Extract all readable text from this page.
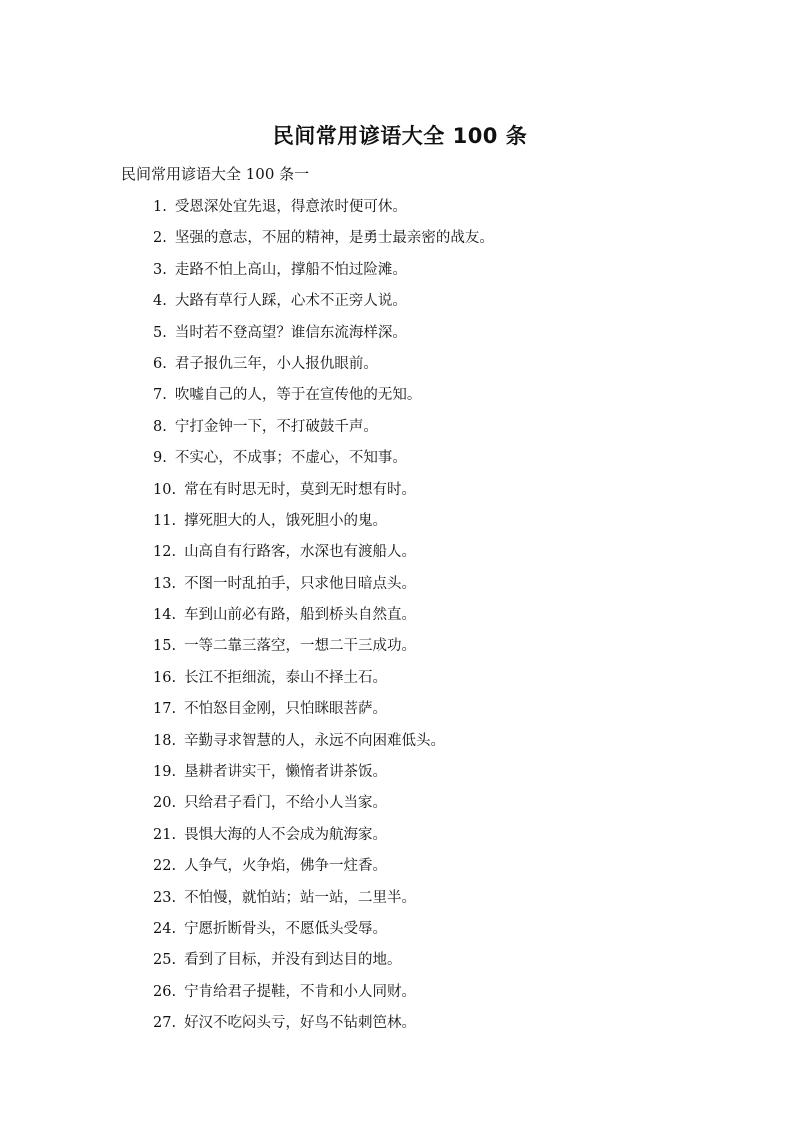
民间常用谚语大全 100 条
民间常用谚语大全 100 条一
1. 受恩深处宜先退，得意浓时便可休。
2. 坚强的意志，不屈的精神，是勇士最亲密的战友。
3. 走路不怕上高山，撑船不怕过险滩。
4. 大路有草行人踩，心术不正旁人说。
5. 当时若不登高望？谁信东流海样深。
6. 君子报仇三年，小人报仇眼前。
7. 吹嘘自己的人，等于在宣传他的无知。
8. 宁打金钟一下，不打破鼓千声。
9. 不实心，不成事；不虚心，不知事。
10. 常在有时思无时，莫到无时想有时。
11. 撑死胆大的人，饿死胆小的鬼。
12. 山高自有行路客，水深也有渡船人。
13. 不图一时乱拍手，只求他日暗点头。
14. 车到山前必有路，船到桥头自然直。
15. 一等二靠三落空，一想二干三成功。
16. 长江不拒细流，泰山不择土石。
17. 不怕怒目金刚，只怕眯眼菩萨。
18. 辛勤寻求智慧的人，永远不向困难低头。
19. 垦耕者讲实干，懒惰者讲茶饭。
20. 只给君子看门，不给小人当家。
21. 畏惧大海的人不会成为航海家。
22. 人争气，火争焰，佛争一炷香。
23. 不怕慢，就怕站；站一站，二里半。
24. 宁愿折断骨头，不愿低头受辱。
25. 看到了目标，并没有到达目的地。
26. 宁肯给君子提鞋，不肯和小人同财。
27. 好汉不吃闷头亏，好鸟不钻刺笆林。
